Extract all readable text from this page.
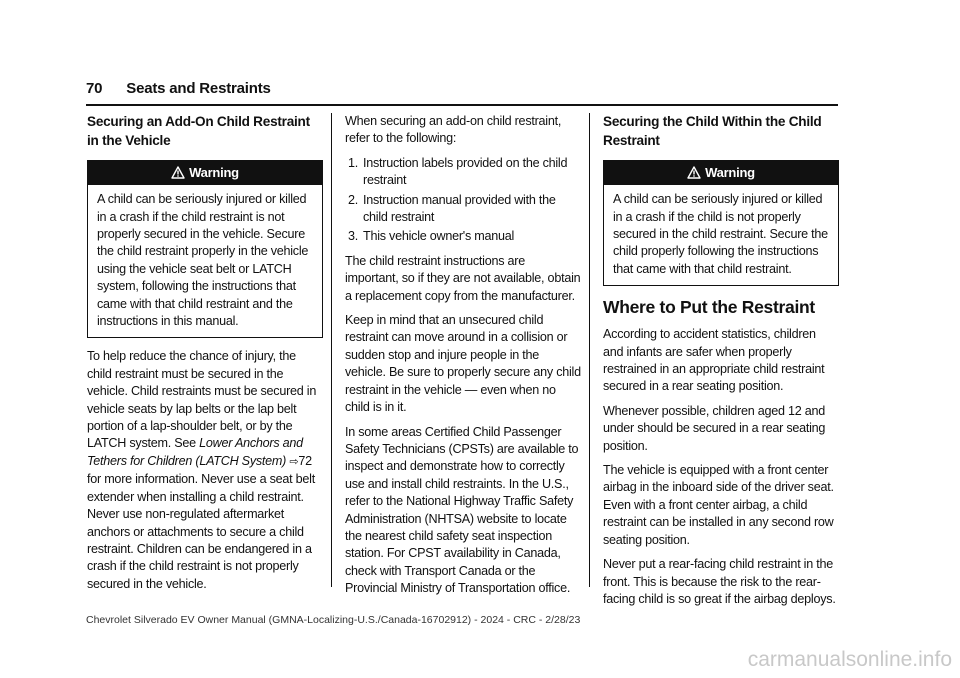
70 Seats and Restraints
Securing an Add-On Child Restraint in the Vehicle
Warning
A child can be seriously injured or killed in a crash if the child restraint is not properly secured in the vehicle. Secure the child restraint properly in the vehicle using the vehicle seat belt or LATCH system, following the instructions that came with that child restraint and the instructions in this manual.

To help reduce the chance of injury, the child restraint must be secured in the vehicle. Child restraints must be secured in vehicle seats by lap belts or the lap belt portion of a lap-shoulder belt, or by the LATCH system. See Lower Anchors and Tethers for Children (LATCH System) ⇨72 for more information. Never use a seat belt extender when installing a child restraint. Never use non-regulated aftermarket anchors or attachments to secure a child restraint. Children can be endangered in a crash if the child restraint is not properly secured in the vehicle.

When securing an add-on child restraint, refer to the following:

1. Instruction labels provided on the child restraint
2. Instruction manual provided with the child restraint
3. This vehicle owner's manual

The child restraint instructions are important, so if they are not available, obtain a replacement copy from the manufacturer.

Keep in mind that an unsecured child restraint can move around in a collision or sudden stop and injure people in the vehicle. Be sure to properly secure any child restraint in the vehicle — even when no child is in it.

In some areas Certified Child Passenger Safety Technicians (CPSTs) are available to inspect and demonstrate how to correctly use and install child restraints. In the U.S., refer to the National Highway Traffic Safety Administration (NHTSA) website to locate the nearest child safety seat inspection station. For CPST availability in Canada, check with Transport Canada or the Provincial Ministry of Transportation office.

Securing the Child Within the Child Restraint
Warning
A child can be seriously injured or killed in a crash if the child is not properly secured in the child restraint. Secure the child properly following the instructions that came with that child restraint.
Where to Put the Restraint

According to accident statistics, children and infants are safer when properly restrained in an appropriate child restraint secured in a rear seating position.

Whenever possible, children aged 12 and under should be secured in a rear seating position.

The vehicle is equipped with a front center airbag in the inboard side of the driver seat. Even with a front center airbag, a child restraint can be installed in any second row seating position.

Never put a rear-facing child restraint in the front. This is because the risk to the rear-facing child is so great if the airbag deploys.

Chevrolet Silverado EV Owner Manual (GMNA-Localizing-U.S./Canada-16702912) - 2024 - CRC - 2/28/23
carmanualsonline.info
